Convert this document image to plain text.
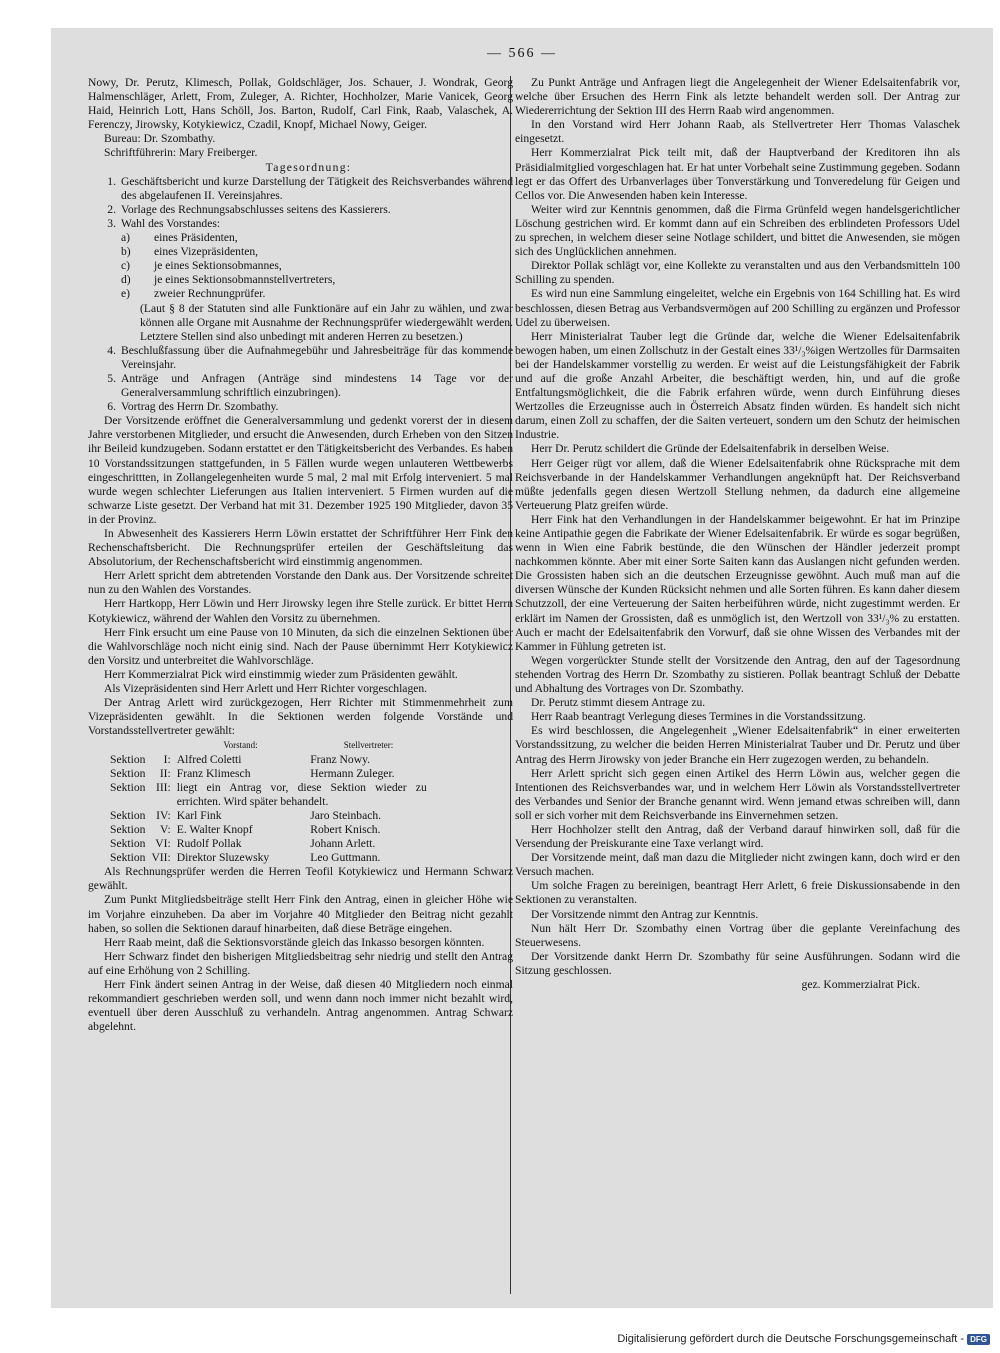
— 566 —

Nowy, Dr. Perutz, Klimesch, Pollak, Goldschläger, Jos. Schauer, J. Wondrak, Georg Halmenschläger, Arlett, From, Zuleger, A. Richter, Hochholzer, Marie Vanicek, Georg Haid, Heinrich Lott, Hans Schöll, Jos. Barton, Rudolf, Carl Fink, Raab, Valaschek, A. Ferenczy, Jirowsky, Kotykiewicz, Czadil, Knopf, Michael Nowy, Geiger.

Bureau: Dr. Szombathy.

Schriftführerin: Mary Freiberger.

Tagesordnung:

1. Geschäftsbericht und kurze Darstellung der Tätigkeit des Reichsverbandes während des abgelaufenen II. Vereinsjahres.
2. Vorlage des Rechnungsabschlusses seitens des Kassierers.
3. Wahl des Vorstandes:
a)	eines Präsidenten,
b)	eines Vizepräsidenten,
c)	je eines Sektionsobmannes,
d)	je eines Sektionsobmannstellvertreters,
e)	zweier Rechnungprüfer.
(Laut § 8 der Statuten sind alle Funktionäre auf ein Jahr zu wählen, und zwar können alle Organe mit Ausnahme der Rechnungsprüfer wiedergewählt werden. Letztere Stellen sind also unbedingt mit anderen Herren zu besetzen.)
4. Beschlußfassung über die Aufnahmegebühr und Jahresbeiträge für das kommende Vereinsjahr.
5. Anträge und Anfragen (Anträge sind mindestens 14 Tage vor der Generalversammlung schriftlich einzubringen).
6. Vortrag des Herrn Dr. Szombathy.

Der Vorsitzende eröffnet die Generalversammlung und gedenkt vorerst der in diesem Jahre verstorbenen Mitglieder, und ersucht die Anwesenden, durch Erheben von den Sitzen ihr Beileid kundzugeben. Sodann erstattet er den Tätigkeitsbericht des Verbandes. Es haben 10 Vorstandssitzungen stattgefunden, in 5 Fällen wurde wegen unlauteren Wettbewerbs eingeschrittten, in Zollangelegenheiten wurde 5 mal, 2 mal mit Erfolg interveniert. 5 mal wurde wegen schlechter Lieferungen aus Italien interveniert. 5 Firmen wurden auf die schwarze Liste gesetzt. Der Verband hat mit 31. Dezember 1925 190 Mitglieder, davon 35 in der Provinz.

In Abwesenheit des Kassierers Herrn Löwin erstattet der Schriftführer Herr Fink den Rechenschaftsbericht. Die Rechnungsprüfer erteilen der Geschäftsleitung das Absolutorium, der Rechenschaftsbericht wird einstimmig angenommen.

Herr Arlett spricht dem abtretenden Vorstande den Dank aus. Der Vorsitzende schreitet nun zu den Wahlen des Vorstandes.

Herr Hartkopp, Herr Löwin und Herr Jirowsky legen ihre Stelle zurück. Er bittet Herrn Kotykiewicz, während der Wahlen den Vorsitz zu übernehmen.

Herr Fink ersucht um eine Pause von 10 Minuten, da sich die einzelnen Sektionen über die Wahlvorschläge noch nicht einig sind. Nach der Pause übernimmt Herr Kotykiewicz den Vorsitz und unterbreitet die Wahlvorschläge.

Herr Kommerzialrat Pick wird einstimmig wieder zum Präsidenten gewählt.

Als Vizepräsidenten sind Herr Arlett und Herr Richter vorgeschlagen.

Der Antrag Arlett wird zurückgezogen, Herr Richter mit Stimmenmehrheit zum Vizepräsidenten gewählt. In die Sektionen werden folgende Vorstände und Vorstandsstellvertreter gewählt:

		Vorstand:	Stellvertreter:
Sektion	I:	Alfred Coletti	Franz Nowy.
Sektion	II:	Franz Klimesch	Hermann Zuleger.
Sektion	III:	liegt ein Antrag vor, diese Sektion wieder zu errichten. Wird später behandelt.	
Sektion	IV:	Karl Fink	Jaro Steinbach.
Sektion	V:	E. Walter Knopf	Robert Knisch.
Sektion	VI:	Rudolf Pollak	Johann Arlett.
Sektion	VII:	Direktor Sluzewsky	Leo Guttmann.

Als Rechnungsprüfer werden die Herren Teofil Kotykiewicz und Hermann Schwarz gewählt.

Zum Punkt Mitgliedsbeiträge stellt Herr Fink den Antrag, einen in gleicher Höhe wie im Vorjahre einzuheben. Da aber im Vorjahre 40 Mitglieder den Beitrag nicht gezahlt haben, so sollen die Sektionen darauf hinarbeiten, daß diese Beträge eingehen.

Herr Raab meint, daß die Sektionsvorstände gleich das Inkasso besorgen könnten.

Herr Schwarz findet den bisherigen Mitgliedsbeitrag sehr niedrig und stellt den Antrag auf eine Erhöhung von 2 Schilling.

Herr Fink ändert seinen Antrag in der Weise, daß diesen 40 Mitgliedern noch einmal rekommandiert geschrieben werden soll, und wenn dann noch immer nicht bezahlt wird, eventuell über deren Ausschluß zu verhandeln. Antrag angenommen. Antrag Schwarz abgelehnt.

Zu Punkt Anträge und Anfragen liegt die Angelegenheit der Wiener Edelsaitenfabrik vor, welche über Ersuchen des Herrn Fink als letzte behandelt werden soll. Der Antrag zur Wiedererrichtung der Sektion III des Herrn Raab wird angenommen.

In den Vorstand wird Herr Johann Raab, als Stellvertreter Herr Thomas Valaschek eingesetzt.

Herr Kommerzialrat Pick teilt mit, daß der Hauptverband der Kreditoren ihn als Präsidialmitglied vorgeschlagen hat. Er hat unter Vorbehalt seine Zustimmung gegeben. Sodann legt er das Offert des Urbanverlages über Tonverstärkung und Tonveredelung für Geigen und Cellos vor. Die Anwesenden haben kein Interesse.

Weiter wird zur Kenntnis genommen, daß die Firma Grünfeld wegen handelsgerichtlicher Löschung gestrichen wird. Er kommt dann auf ein Schreiben des erblindeten Professors Udel zu sprechen, in welchem dieser seine Notlage schildert, und bittet die Anwesenden, sie mögen sich des Unglücklichen annehmen.

Direktor Pollak schlägt vor, eine Kollekte zu veranstalten und aus den Verbandsmitteln 100 Schilling zu spenden.

Es wird nun eine Sammlung eingeleitet, welche ein Ergebnis von 164 Schilling hat. Es wird beschlossen, diesen Betrag aus Verbandsvermögen auf 200 Schilling zu ergänzen und Professor Udel zu überweisen.

Herr Ministerialrat Tauber legt die Gründe dar, welche die Wiener Edelsaitenfabrik bewogen haben, um einen Zollschutz in der Gestalt eines 33¹/₃%igen Wertzolles für Darmsaiten bei der Handelskammer vorstellig zu werden. Er weist auf die Leistungsfähigkeit der Fabrik und auf die große Anzahl Arbeiter, die beschäftigt werden, hin, und auf die große Entfaltungsmöglichkeit, die die Fabrik erfahren würde, wenn durch Einführung dieses Wertzolles die Erzeugnisse auch in Österreich Absatz finden würden. Es handelt sich nicht darum, einen Zoll zu schaffen, der die Saiten verteuert, sondern um den Schutz der heimischen Industrie.

Herr Dr. Perutz schildert die Gründe der Edelsaitenfabrik in derselben Weise.

Herr Geiger rügt vor allem, daß die Wiener Edelsaitenfabrik ohne Rücksprache mit dem Reichsverbande in der Handelskammer Verhandlungen angeknüpft hat. Der Reichsverband müßte jedenfalls gegen diesen Wertzoll Stellung nehmen, da dadurch eine allgemeine Verteuerung Platz greifen würde.

Herr Fink hat den Verhandlungen in der Handelskammer beigewohnt. Er hat im Prinzipe keine Antipathie gegen die Fabrikate der Wiener Edelsaitenfabrik. Er würde es sogar begrüßen, wenn in Wien eine Fabrik bestünde, die den Wünschen der Händler jederzeit prompt nachkommen könnte. Aber mit einer Sorte Saiten kann das Auslangen nicht gefunden werden. Die Grossisten haben sich an die deutschen Erzeugnisse gewöhnt. Auch muß man auf die diversen Wünsche der Kunden Rücksicht nehmen und alle Sorten führen. Es kann daher diesem Schutzzoll, der eine Verteuerung der Saiten herbeiführen würde, nicht zugestimmt werden. Er erklärt im Namen der Grossisten, daß es unmöglich ist, den Wertzoll von 33¹/₃% zu erstatten. Auch er macht der Edelsaitenfabrik den Vorwurf, daß sie ohne Wissen des Verbandes mit der Kammer in Fühlung getreten ist.

Wegen vorgerückter Stunde stellt der Vorsitzende den Antrag, den auf der Tagesordnung stehenden Vortrag des Herrn Dr. Szombathy zu sistieren. Pollak beantragt Schluß der Debatte und Abhaltung des Vortrages von Dr. Szombathy.

Dr. Perutz stimmt diesem Antrage zu.

Herr Raab beantragt Verlegung dieses Termines in die Vorstandssitzung.

Es wird beschlossen, die Angelegenheit „Wiener Edelsaitenfabrik“ in einer erweiterten Vorstandssitzung, zu welcher die beiden Herren Ministerialrat Tauber und Dr. Perutz und über Antrag des Herrn Jirowsky von jeder Branche ein Herr zugezogen werden, zu behandeln.

Herr Arlett spricht sich gegen einen Artikel des Herrn Löwin aus, welcher gegen die Intentionen des Reichsverbandes war, und in welchem Herr Löwin als Vorstandsstellvertreter des Verbandes und Senior der Branche genannt wird. Wenn jemand etwas schreiben will, dann soll er sich vorher mit dem Reichsverbande ins Einvernehmen setzen.

Herr Hochholzer stellt den Antrag, daß der Verband darauf hinwirken soll, daß für die Versendung der Preiskurante eine Taxe verlangt wird.

Der Vorsitzende meint, daß man dazu die Mitglieder nicht zwingen kann, doch wird er den Versuch machen.

Um solche Fragen zu bereinigen, beantragt Herr Arlett, 6 freie Diskussionsabende in den Sektionen zu veranstalten.

Der Vorsitzende nimmt den Antrag zur Kenntnis.

Nun hält Herr Dr. Szombathy einen Vortrag über die geplante Vereinfachung des Steuerwesens.

Der Vorsitzende dankt Herrn Dr. Szombathy für seine Ausführungen. Sodann wird die Sitzung geschlossen.

gez. Kommerzialrat Pick.

Digitalisierung gefördert durch die Deutsche Forschungsgemeinschaft - DFG
